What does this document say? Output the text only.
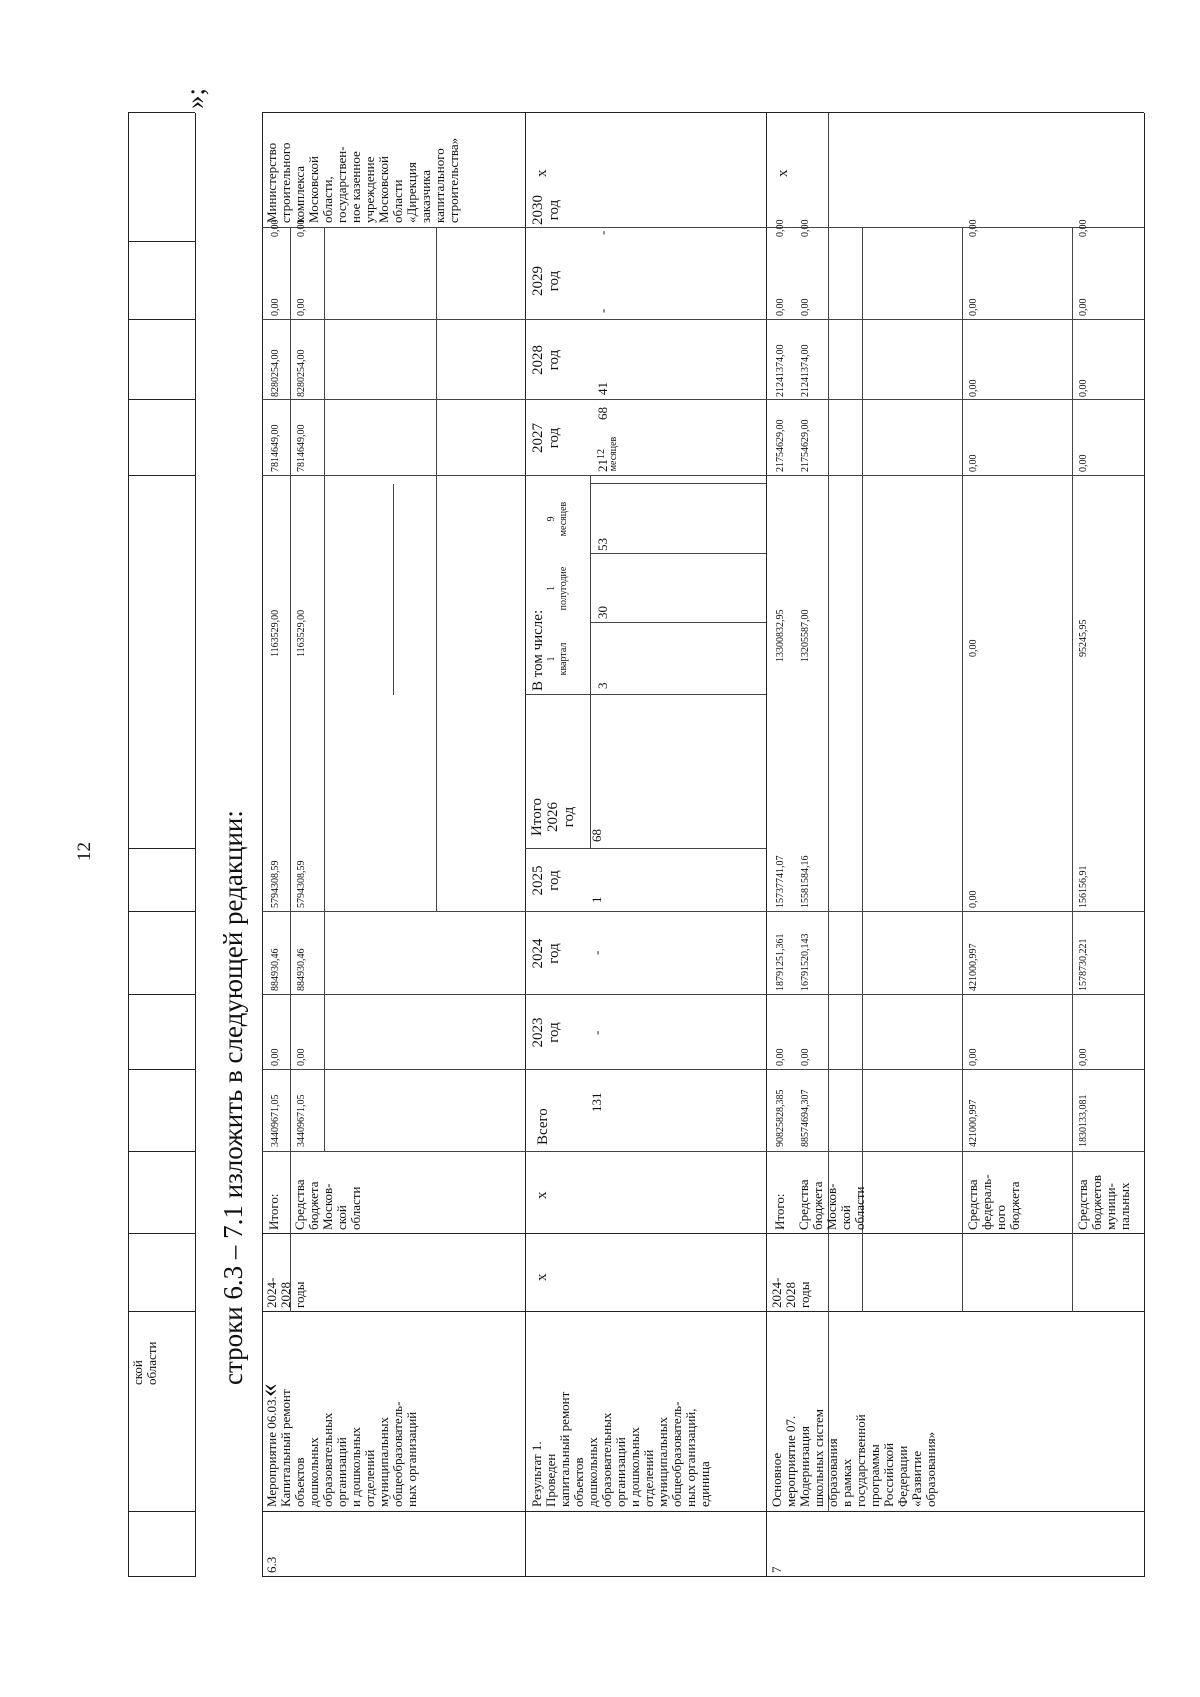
12
ской
области строки 6.3 – 7.1 изложить в следующей редакции:
«
»;
6.3
Мероприятие 06.03.
Капитальный ремонт
объектов
дошкольных
образовательных
организаций
и дошкольных
отделений
муниципальных
общеобразователь-
ных организаций
2024-
2028
годы
Итого: Средства
бюджета
Москов-
ской
области
34409671,05
0,00
884930,46
5794308,59
1163529,00
7814649,00
8280254,00
0,00
0,00
34409671,05
0,00
884930,46
5794308,59
1163529,00
7814649,00
8280254,00
0,00
0,00
Министерство
строительного
комплекса
Московской
области,
государствен-
ное казенное
учреждение
Московской
области
«Дирекция
заказчика
капитального
строительства»
Результат 1.
Проведен
капитальный ремонт
объектов
дошкольных
образовательных
организаций
и дошкольных
отделений
муниципальных
общеобразователь-
ных организаций,
единица
х
х
х
Всего
2023
год
2024
год
2025
год
Итого
2026
год
В том числе: 1
квартал
1
полугодие
9
месяцев
12
месяцев
2027
год
2028
год
2029
год
2030
год
131
-
-
1
68
3
30
53
68
21
41
-
-
7
Основное
мероприятие 07.
Модернизация
школьных систем
образования
в рамках
государственной
программы
Российской
Федерации
«Развитие
образования»
2024-
2028
годы
х
Итого:
90825828,385
0,00
18791251,361
15737741,07
13300832,95
21754629,00
21241374,00
0,00
0,00
Средства
бюджета
Москов-
ской
области
88574694,307
0,00
16791520,143
15581584,16
13205587,00
21754629,00
21241374,00
0,00
0,00
Средства
федераль-
ного
бюджета
421000,997
0,00
421000,997
0,00
0,00
0,00
0,00
0,00
0,00
Средства
бюджетов
муници-
пальных
1830133,081
0,00
1578730,221
156156,91
95245,95
0,00
0,00
0,00
0,00
